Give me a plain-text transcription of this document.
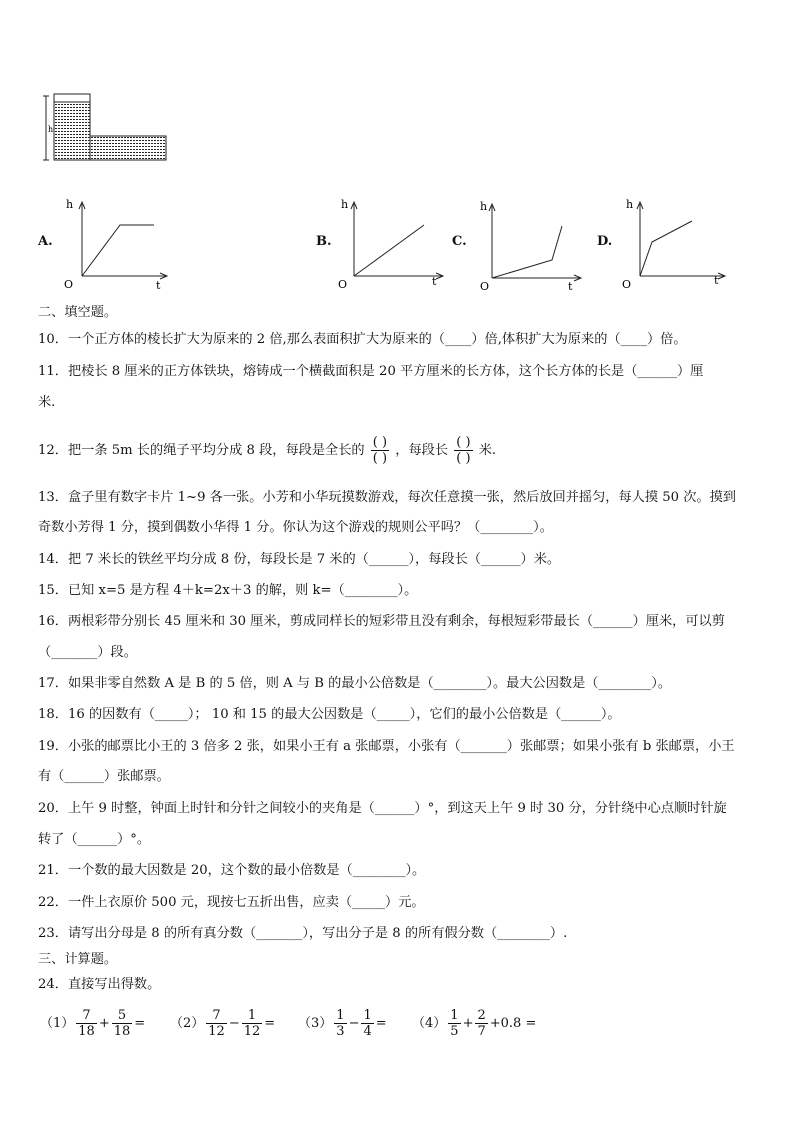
h
A.
h
t
O
B.
h
t
O
C.
h
t
O
D.
h
t
O
二、填空题。
10．一个正方体的棱长扩大为原来的 2 倍,那么表面积扩大为原来的（____）倍,体积扩大为原来的（____）倍。
11．把棱长 8 厘米的正方体铁块，熔铸成一个横截面积是 20 平方厘米的长方体，这个长方体的长是（______）厘
米.
12．把一条 5m 长的绳子平均分成 8 段，每段是全长的 $\frac{( )}{( )}$ ，每段长 $\frac{( )}{( )}$ 米.
13．盒子里有数字卡片 1~9 各一张。小芳和小华玩摸数游戏，每次任意摸一张，然后放回并摇匀，每人摸 50 次。摸到
奇数小芳得 1 分，摸到偶数小华得 1 分。你认为这个游戏的规则公平吗？（________）。
14．把 7 米长的铁丝平均分成 8 份，每段长是 7 米的（______），每段长（______）米。
15．已知 x=5 是方程 4＋k=2x＋3 的解，则 k=（________）。
16．两根彩带分别长 45 厘米和 30 厘米，剪成同样长的短彩带且没有剩余，每根短彩带最长（______）厘米，可以剪
（_______）段。
17．如果非零自然数 A 是 B 的 5 倍，则 A 与 B 的最小公倍数是（________）。最大公因数是（________）。
18．16 的因数有（_____）； 10 和 15 的最大公因数是（_____），它们的最小公倍数是（______）。
19．小张的邮票比小王的 3 倍多 2 张，如果小王有 a 张邮票，小张有（_______）张邮票；如果小张有 b 张邮票，小王
有（______）张邮票。
20．上午 9 时整，钟面上时针和分针之间较小的夹角是（______）°，到这天上午 9 时 30 分，分针绕中心点顺时针旋
转了（______）°。
21．一个数的最大因数是 20，这个数的最小倍数是（________）。
22．一件上衣原价 500 元，现按七五折出售，应卖（_____）元。
23．请写出分母是 8 的所有真分数（_______），写出分子是 8 的所有假分数（________）.
三、计算题。
24．直接写出得数。
$(1) \frac{7}{18} + \frac{5}{18} = (2) \frac{7}{12} - \frac{1}{12} = (3) \frac{1}{3} - \frac{1}{4} = (4) \frac{1}{5} + \frac{2}{7} +0.8$ =
